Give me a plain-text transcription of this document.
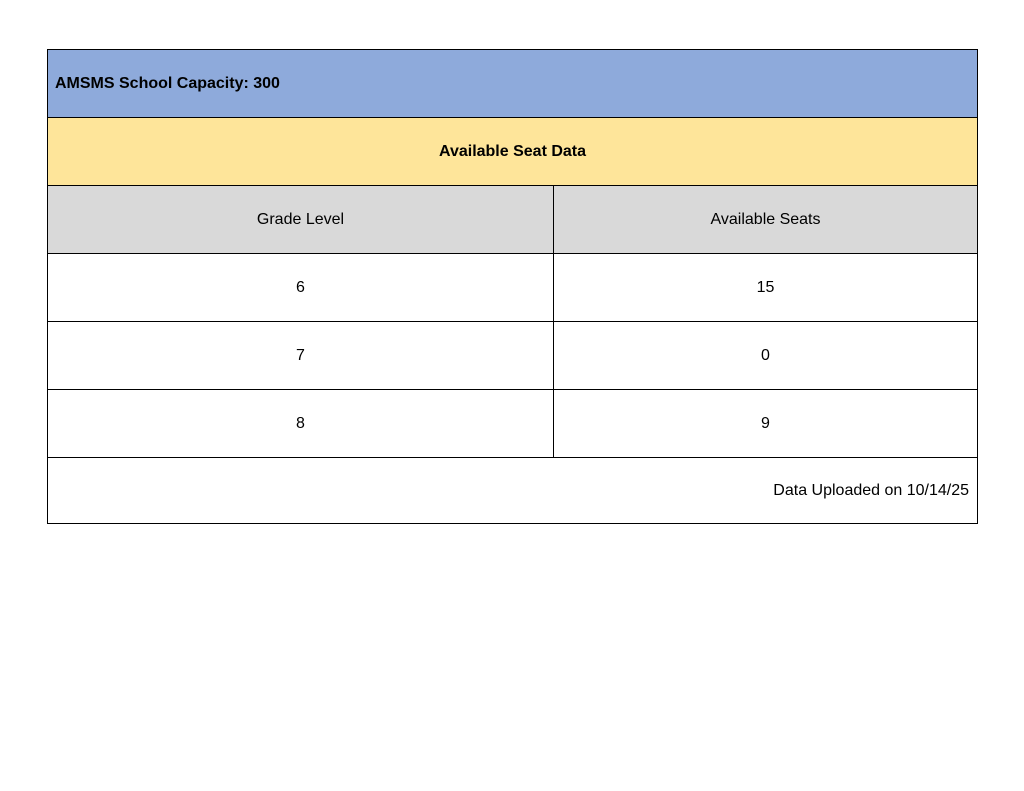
AMSMS School Capacity: 300	
Available Seat Data	
Grade Level	Available Seats
6	15
7	0
8	9
Data Uploaded on 10/14/25	
